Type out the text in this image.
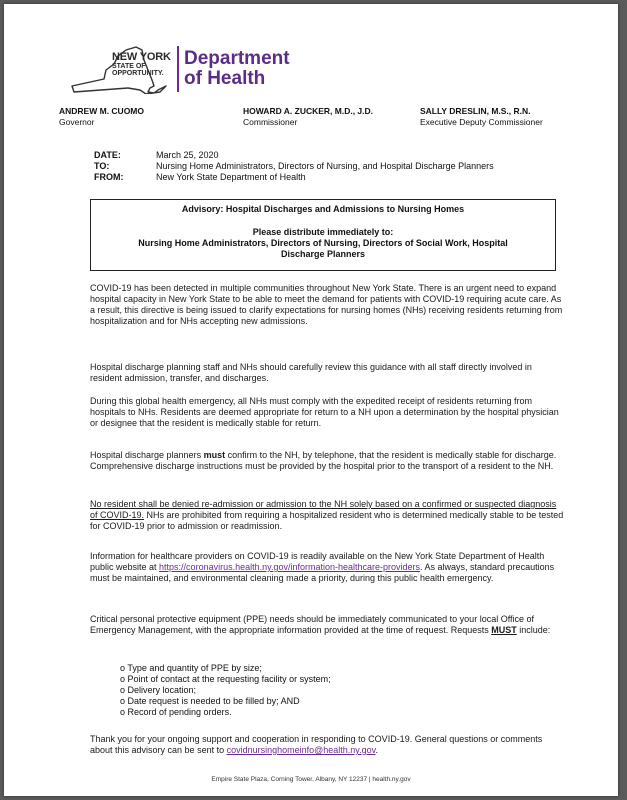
NEW YORK
STATE OF
OPPORTUNITY.
Department
of Health
ANDREW M. CUOMO
Governor
HOWARD A. ZUCKER, M.D., J.D.
Commissioner
SALLY DRESLIN, M.S., R.N.
Executive Deputy Commissioner
DATE:	March 25, 2020
TO:	Nursing Home Administrators, Directors of Nursing, and Hospital Discharge Planners
FROM:	New York State Department of Health
Advisory: Hospital Discharges and Admissions to Nursing Homes
Please distribute immediately to:
Nursing Home Administrators, Directors of Nursing, Directors of Social Work, Hospital
Discharge Planners
COVID-19 has been detected in multiple communities throughout New York State. There is an urgent need to expand hospital capacity in New York State to be able to meet the demand for patients with COVID-19 requiring acute care. As a result, this directive is being issued to clarify expectations for nursing homes (NHs) receiving residents returning from hospitalization and for NHs accepting new admissions.
Hospital discharge planning staff and NHs should carefully review this guidance with all staff directly involved in resident admission, transfer, and discharges.
During this global health emergency, all NHs must comply with the expedited receipt of residents returning from hospitals to NHs. Residents are deemed appropriate for return to a NH upon a determination by the hospital physician or designee that the resident is medically stable for return.
Hospital discharge planners must confirm to the NH, by telephone, that the resident is medically stable for discharge. Comprehensive discharge instructions must be provided by the hospital prior to the transport of a resident to the NH.
No resident shall be denied re-admission or admission to the NH solely based on a confirmed or suspected diagnosis of COVID-19. NHs are prohibited from requiring a hospitalized resident who is determined medically stable to be tested for COVID-19 prior to admission or readmission.
Information for healthcare providers on COVID-19 is readily available on the New York State Department of Health public website at https://coronavirus.health.ny.gov/information-healthcare-providers. As always, standard precautions must be maintained, and environmental cleaning made a priority, during this public health emergency.
Critical personal protective equipment (PPE) needs should be immediately communicated to your local Office of Emergency Management, with the appropriate information provided at the time of request. Requests MUST include:
o Type and quantity of PPE by size;
o Point of contact at the requesting facility or system;
o Delivery location;
o Date request is needed to be filled by; AND
o Record of pending orders.
Thank you for your ongoing support and cooperation in responding to COVID-19. General questions or comments about this advisory can be sent to covidnursinghomeinfo@health.ny.gov.
Empire State Plaza, Corning Tower, Albany, NY 12237 | health.ny.gov
